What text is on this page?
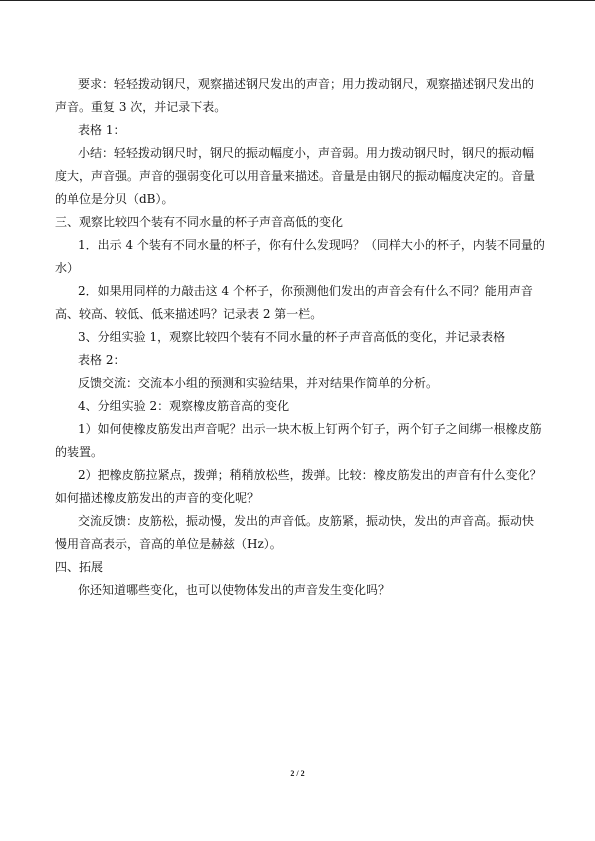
要求：轻轻拨动钢尺，观察描述钢尺发出的声音；用力拨动钢尺，观察描述钢尺发出的
声音。重复 3 次，并记录下表。
表格 1：
小结：轻轻拨动钢尺时，钢尺的振动幅度小，声音弱。用力拨动钢尺时，钢尺的振动幅
度大，声音强。声音的强弱变化可以用音量来描述。音量是由钢尺的振动幅度决定的。音量
的单位是分贝（dB）。
三、观察比较四个装有不同水量的杯子声音高低的变化
1．出示 4 个装有不同水量的杯子，你有什么发现吗？（同样大小的杯子，内装不同量的
水）
2．如果用同样的力敲击这 4 个杯子，你预测他们发出的声音会有什么不同？能用声音
高、较高、较低、低来描述吗？记录表 2 第一栏。
3、分组实验 1，观察比较四个装有不同水量的杯子声音高低的变化，并记录表格
表格 2：
反馈交流：交流本小组的预测和实验结果，并对结果作简单的分析。
4、分组实验 2：观察橡皮筋音高的变化
1）如何使橡皮筋发出声音呢？出示一块木板上钉两个钉子，两个钉子之间绑一根橡皮筋
的装置。
2）把橡皮筋拉紧点，拨弹；稍稍放松些，拨弹。比较：橡皮筋发出的声音有什么变化？
如何描述橡皮筋发出的声音的变化呢？
交流反馈：皮筋松，振动慢，发出的声音低。皮筋紧，振动快，发出的声音高。振动快
慢用音高表示，音高的单位是赫兹（Hz）。
四、拓展
你还知道哪些变化，也可以使物体发出的声音发生变化吗？
2 / 2
